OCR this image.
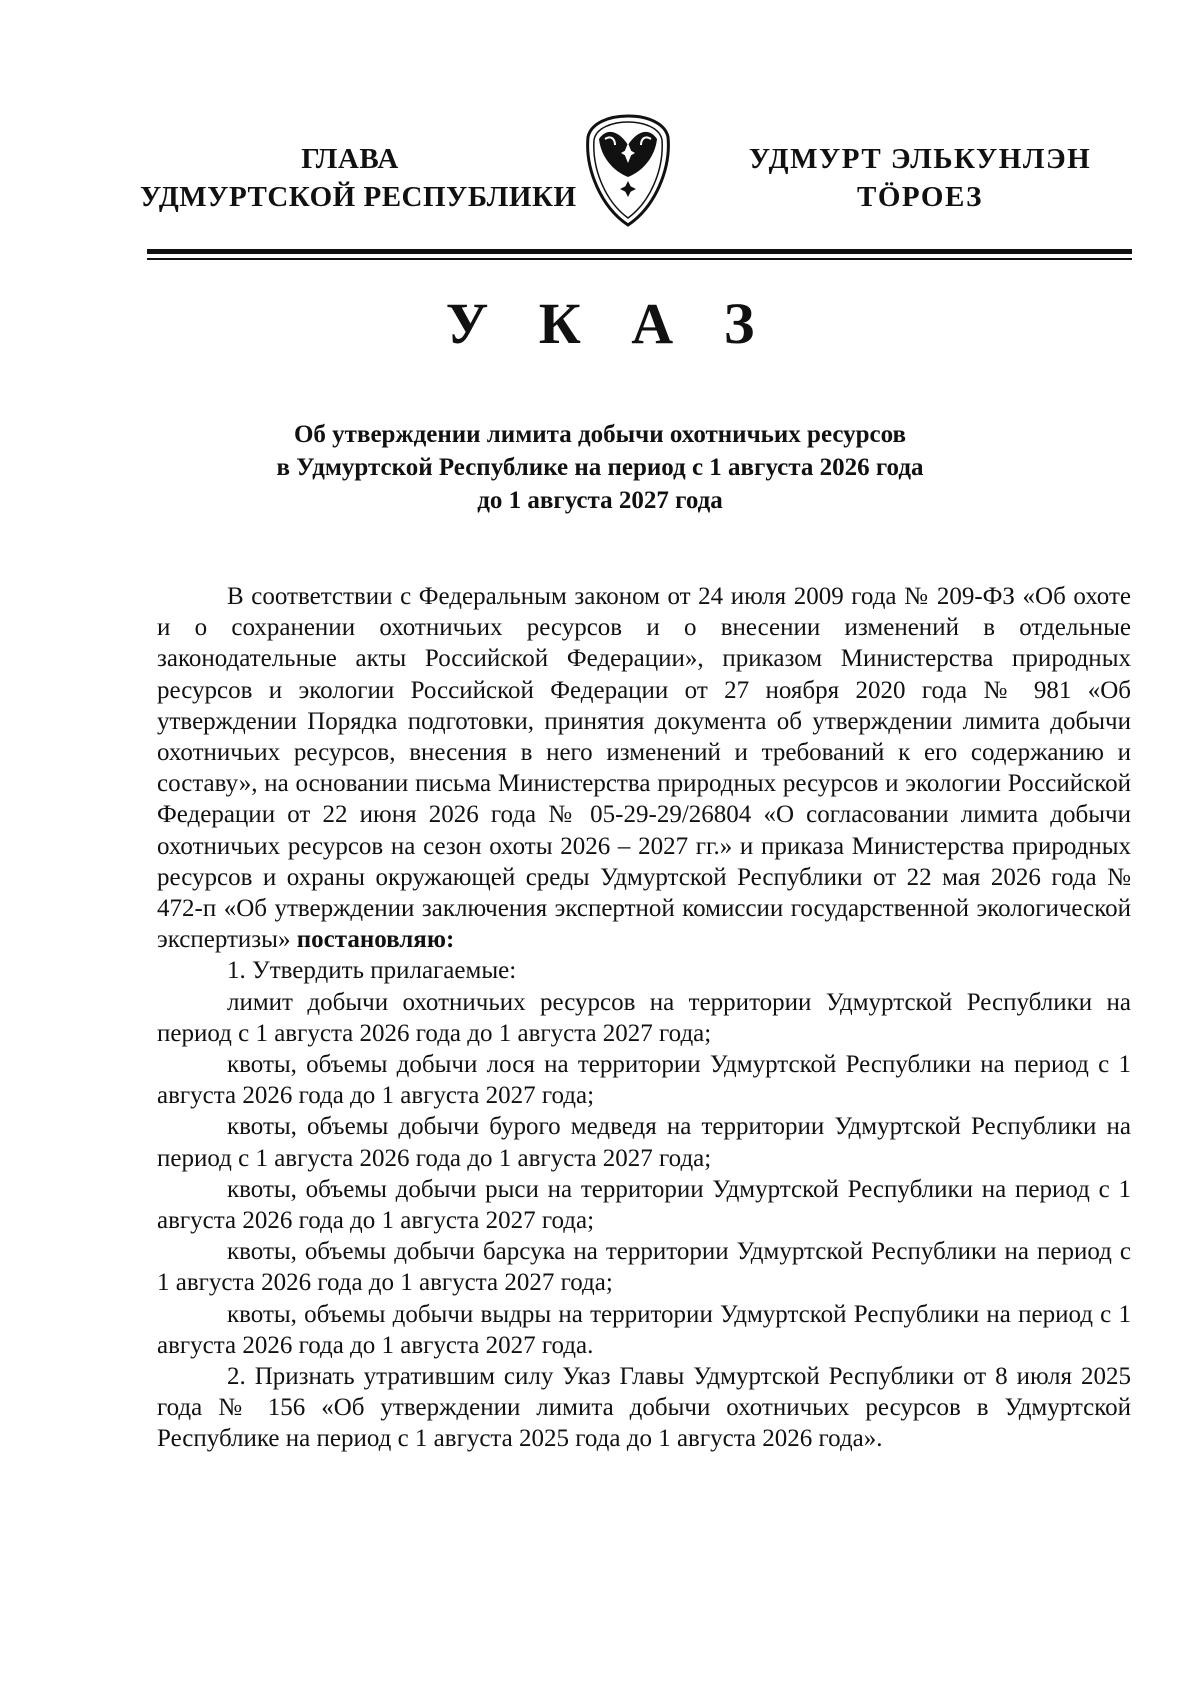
ГЛАВА
УДМУРТСКОЙ РЕСПУБЛИКИ
УДМУРТ ЭЛЬКУНЛЭН
ТӦРОЕЗ
У К А З
Об утверждении лимита добычи охотничьих ресурсов
в Удмуртской Республике на период с 1 августа 2026 года
до 1 августа 2027 года

В соответствии с Федеральным законом от 24 июля 2009 года № 209-ФЗ «Об охоте и о сохранении охотничьих ресурсов и о внесении изменений в отдельные законодательные акты Российской Федерации», приказом Министерства природных ресурсов и экологии Российской Федерации от 27 ноября 2020 года № 981 «Об утверждении Порядка подготовки, принятия документа об утверждении лимита добычи охотничьих ресурсов, внесения в него изменений и требований к его содержанию и составу», на основании письма Министерства природных ресурсов и экологии Российской Федерации от 22 июня 2026 года № 05-29-29/26804 «О согласовании лимита добычи охотничьих ресурсов на сезон охоты 2026 – 2027 гг.» и приказа Министерства природных ресурсов и охраны окружающей среды Удмуртской Республики от 22 мая 2026 года № 472-п «Об утверждении заключения экспертной комиссии государственной экологической экспертизы» постановляю:

1. Утвердить прилагаемые:

лимит добычи охотничьих ресурсов на территории Удмуртской Республики на период с 1 августа 2026 года до 1 августа 2027 года;

квоты, объемы добычи лося на территории Удмуртской Республики на период с 1 августа 2026 года до 1 августа 2027 года;

квоты, объемы добычи бурого медведя на территории Удмуртской Республики на период с 1 августа 2026 года до 1 августа 2027 года;

квоты, объемы добычи рыси на территории Удмуртской Республики на период с 1 августа 2026 года до 1 августа 2027 года;

квоты, объемы добычи барсука на территории Удмуртской Республики на период с 1 августа 2026 года до 1 августа 2027 года;

квоты, объемы добычи выдры на территории Удмуртской Республики на период с 1 августа 2026 года до 1 августа 2027 года.

2. Признать утратившим силу Указ Главы Удмуртской Республики от 8 июля 2025 года № 156 «Об утверждении лимита добычи охотничьих ресурсов в Удмуртской Республике на период с 1 августа 2025 года до 1 августа 2026 года».
